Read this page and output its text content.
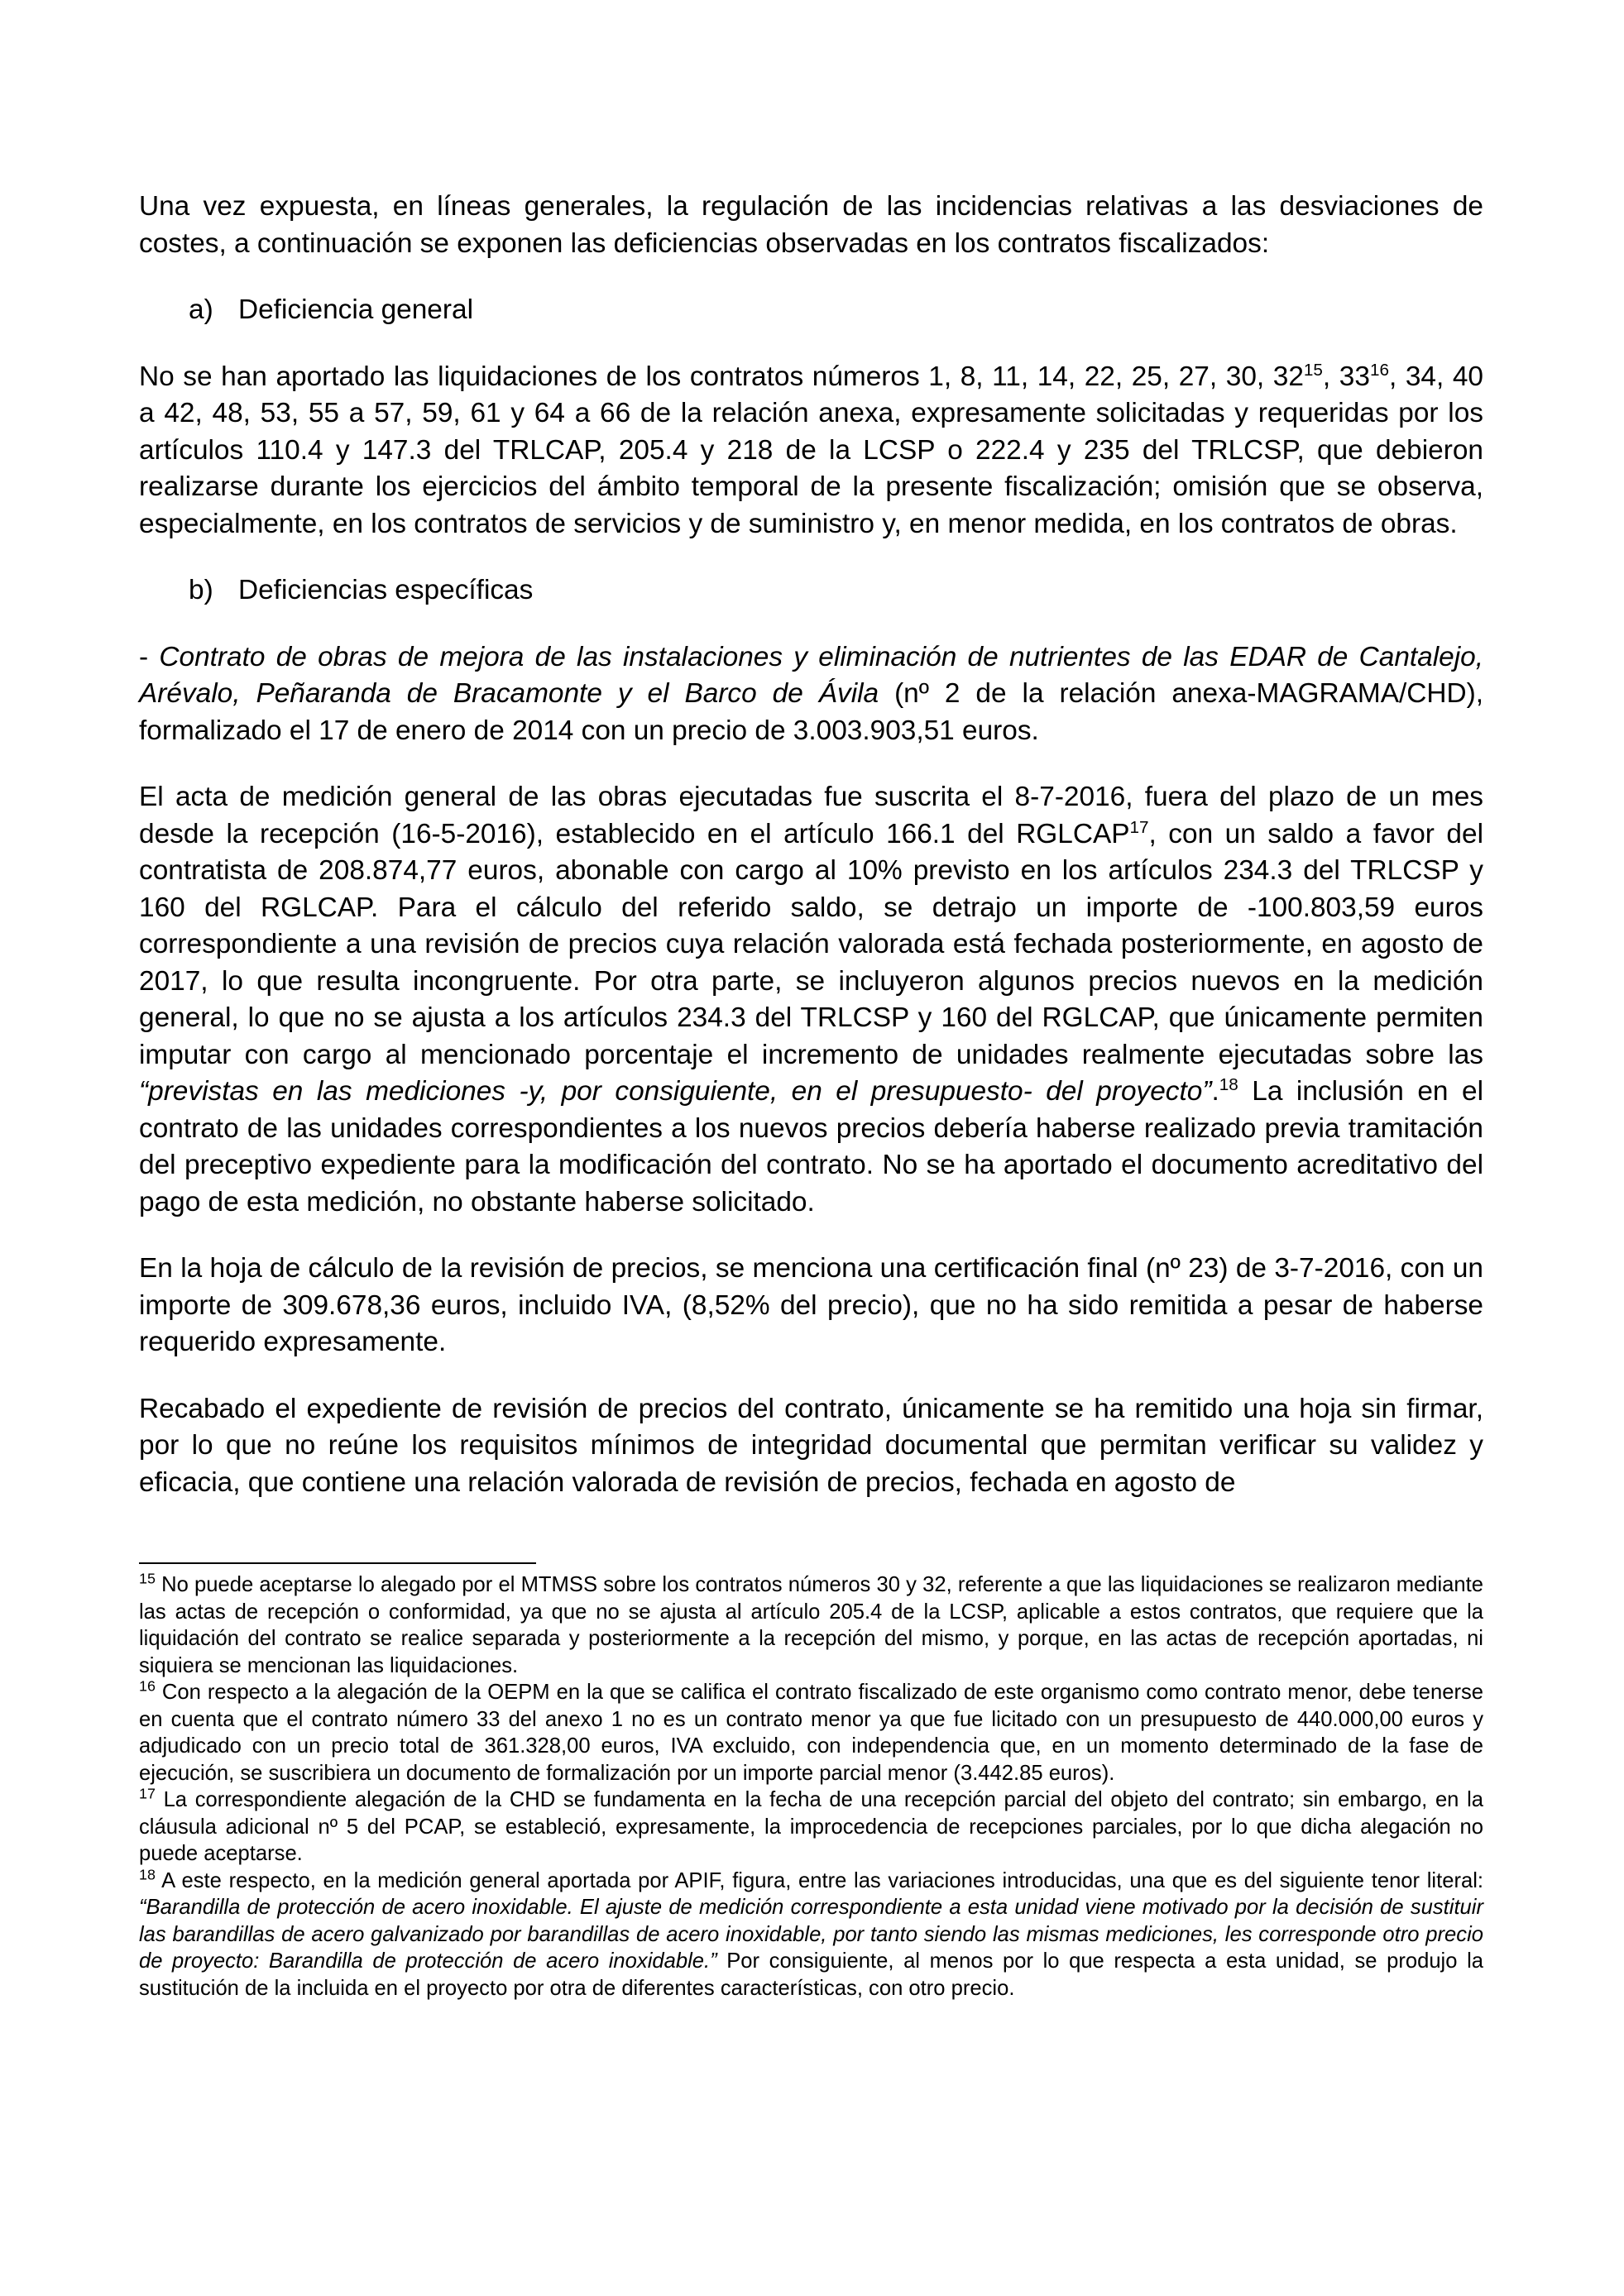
Una vez expuesta, en líneas generales, la regulación de las incidencias relativas a las desviaciones de costes, a continuación se exponen las deficiencias observadas en los contratos fiscalizados:

a) Deficiencia general

No se han aportado las liquidaciones de los contratos números 1, 8, 11, 14, 22, 25, 27, 30, $32^{15}$, $33^{16}$, 34, 40 a 42, 48, 53, 55 a 57, 59, 61 y 64 a 66 de la relación anexa, expresamente solicitadas y requeridas por los artículos 110.4 y 147.3 del TRLCAP, 205.4 y 218 de la LCSP o 222.4 y 235 del TRLCSP, que debieron realizarse durante los ejercicios del ámbito temporal de la presente fiscalización; omisión que se observa, especialmente, en los contratos de servicios y de suministro y, en menor medida, en los contratos de obras.

b) Deficiencias específicas

- Contrato de obras de mejora de las instalaciones y eliminación de nutrientes de las EDAR de Cantalejo, Arévalo, Peñaranda de Bracamonte y el Barco de Ávila (nº 2 de la relación anexa-MAGRAMA/CHD), formalizado el 17 de enero de 2014 con un precio de 3.003.903,51 euros.

El acta de medición general de las obras ejecutadas fue suscrita el 8-7-2016, fuera del plazo de un mes desde la recepción (16-5-2016), establecido en el artículo 166.1 del RGLCAP$^{17}$, con un saldo a favor del contratista de 208.874,77 euros, abonable con cargo al 10% previsto en los artículos 234.3 del TRLCSP y 160 del RGLCAP. Para el cálculo del referido saldo, se detrajo un importe de -100.803,59 euros correspondiente a una revisión de precios cuya relación valorada está fechada posteriormente, en agosto de 2017, lo que resulta incongruente. Por otra parte, se incluyeron algunos precios nuevos en la medición general, lo que no se ajusta a los artículos 234.3 del TRLCSP y 160 del RGLCAP, que únicamente permiten imputar con cargo al mencionado porcentaje el incremento de unidades realmente ejecutadas sobre las “previstas en las mediciones -y, por consiguiente, en el presupuesto- del proyecto”.$^{18}$ La inclusión en el contrato de las unidades correspondientes a los nuevos precios debería haberse realizado previa tramitación del preceptivo expediente para la modificación del contrato. No se ha aportado el documento acreditativo del pago de esta medición, no obstante haberse solicitado.

En la hoja de cálculo de la revisión de precios, se menciona una certificación final (nº 23) de 3-7-2016, con un importe de 309.678,36 euros, incluido IVA, (8,52% del precio), que no ha sido remitida a pesar de haberse requerido expresamente.

Recabado el expediente de revisión de precios del contrato, únicamente se ha remitido una hoja sin firmar, por lo que no reúne los requisitos mínimos de integridad documental que permitan verificar su validez y eficacia, que contiene una relación valorada de revisión de precios, fechada en agosto de

$^{15}$ No puede aceptarse lo alegado por el MTMSS sobre los contratos números 30 y 32, referente a que las liquidaciones se realizaron mediante las actas de recepción o conformidad, ya que no se ajusta al artículo 205.4 de la LCSP, aplicable a estos contratos, que requiere que la liquidación del contrato se realice separada y posteriormente a la recepción del mismo, y porque, en las actas de recepción aportadas, ni siquiera se mencionan las liquidaciones.

$^{16}$ Con respecto a la alegación de la OEPM en la que se califica el contrato fiscalizado de este organismo como contrato menor, debe tenerse en cuenta que el contrato número 33 del anexo 1 no es un contrato menor ya que fue licitado con un presupuesto de 440.000,00 euros y adjudicado con un precio total de 361.328,00 euros, IVA excluido, con independencia que, en un momento determinado de la fase de ejecución, se suscribiera un documento de formalización por un importe parcial menor (3.442.85 euros).

$^{17}$ La correspondiente alegación de la CHD se fundamenta en la fecha de una recepción parcial del objeto del contrato; sin embargo, en la cláusula adicional nº 5 del PCAP, se estableció, expresamente, la improcedencia de recepciones parciales, por lo que dicha alegación no puede aceptarse.

$^{18}$ A este respecto, en la medición general aportada por APIF, figura, entre las variaciones introducidas, una que es del siguiente tenor literal: “Barandilla de protección de acero inoxidable. El ajuste de medición correspondiente a esta unidad viene motivado por la decisión de sustituir las barandillas de acero galvanizado por barandillas de acero inoxidable, por tanto siendo las mismas mediciones, les corresponde otro precio de proyecto: Barandilla de protección de acero inoxidable.” Por consiguiente, al menos por lo que respecta a esta unidad, se produjo la sustitución de la incluida en el proyecto por otra de diferentes características, con otro precio.
